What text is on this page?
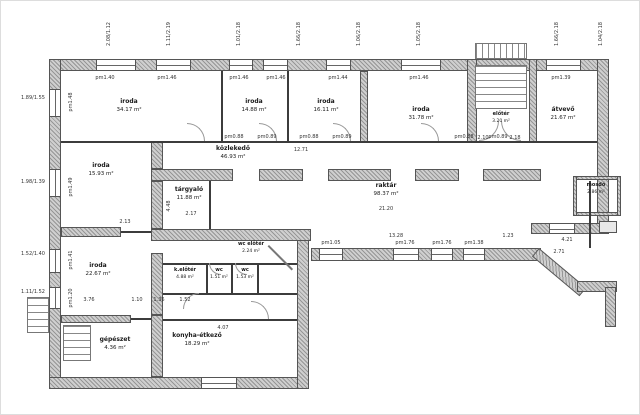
iroda
34.17 m²
iroda
14.88 m²
iroda
16.11 m²	iroda
31.78 m²
előtér
3.20 m²
átvevő
21.67 m²
közlekedő
46.93 m²
iroda
15.93 m²
tárgyaló
11.88 m²
raktár
98.37 m²
mosdó
2.86 m²
iroda
22.67 m²
gépészet
4.36 m²
wc előtér
2.24 m²
k.előtér
4.88 m²
wc
1.51 m²
wc
1.53 m²
konyha-étkező
18.29 m²
2.08/1.12	1.11/2.19	1.01/2.18	1.66/2.18	1.06/2.18	1.05/2.18	1.66/2.18	1.04/2.18
pm1.40	pm1.46	pm1.46	pm1.46	pm1.44	pm1.46	pm1.39
pm0.88	pm0.89	pm0.88	pm0.89	pm0.88	pm0.89
pm1.05	pm1.76	pm1.76	pm1.38
1.89/1.55
1.98/1.39
1.52/1.40
1.11/1.52
pm1.48
pm1.49
pm1.41
pm1.20
21.20
13.28	1.23
4.21
2.71
12.71
2.17
4.48
4.07
2.10	2.18
2.13
3.76	1.10 1.36	1.52
